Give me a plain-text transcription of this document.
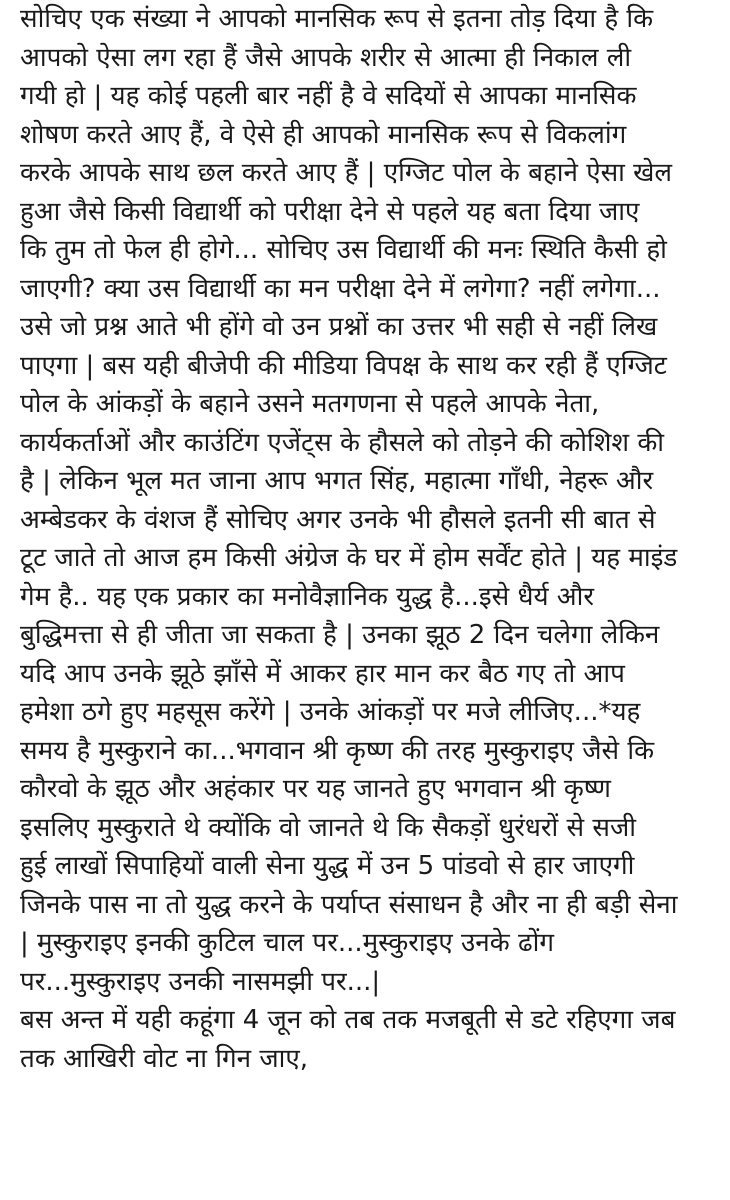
सोचिए एक संख्या ने आपको मानसिक रूप से इतना तोड़ दिया है कि
आपको ऐसा लग रहा हैं जैसे आपके शरीर से आत्मा ही निकाल ली
गयी हो | यह कोई पहली बार नहीं है वे सदियों से आपका मानसिक
शोषण करते आए हैं, वे ऐसे ही आपको मानसिक रूप से विकलांग
करके आपके साथ छल करते आए हैं | एग्जिट पोल के बहाने ऐसा खेल
हुआ जैसे किसी विद्यार्थी को परीक्षा देने से पहले यह बता दिया जाए
कि तुम तो फेल ही होगे... सोचिए उस विद्यार्थी की मनः स्थिति कैसी हो
जाएगी? क्या उस विद्यार्थी का मन परीक्षा देने में लगेगा? नहीं लगेगा...
उसे जो प्रश्न आते भी होंगे वो उन प्रश्नों का उत्तर भी सही से नहीं लिख
पाएगा | बस यही बीजेपी की मीडिया विपक्ष के साथ कर रही हैं एग्जिट
पोल के आंकड़ों के बहाने उसने मतगणना से पहले आपके नेता,
कार्यकर्ताओं और काउंटिंग एजेंट्स के हौसले को तोड़ने की कोशिश की
है | लेकिन भूल मत जाना आप भगत सिंह, महात्मा गाँधी, नेहरू और
अम्बेडकर के वंशज हैं सोचिए अगर उनके भी हौसले इतनी सी बात से
टूट जाते तो आज हम किसी अंग्रेज के घर में होम सर्वेंट होते | यह माइंड
गेम है.. यह एक प्रकार का मनोवैज्ञानिक युद्ध है...इसे धैर्य और
बुद्धिमत्ता से ही जीता जा सकता है | उनका झूठ 2 दिन चलेगा लेकिन
यदि आप उनके झूठे झाँसे में आकर हार मान कर बैठ गए तो आप
हमेशा ठगे हुए महसूस करेंगे | उनके आंकड़ों पर मजे लीजिए...*यह
समय है मुस्कुराने का...भगवान श्री कृष्ण की तरह मुस्कुराइए जैसे कि
कौरवो के झूठ और अहंकार पर यह जानते हुए भगवान श्री कृष्ण
इसलिए मुस्कुराते थे क्योंकि वो जानते थे कि सैकड़ों धुरंधरों से सजी
हुई लाखों सिपाहियों वाली सेना युद्ध में उन 5 पांडवो से हार जाएगी
जिनके पास ना तो युद्ध करने के पर्याप्त संसाधन है और ना ही बड़ी सेना
| मुस्कुराइए इनकी कुटिल चाल पर...मुस्कुराइए उनके ढोंग
पर...मुस्कुराइए उनकी नासमझी पर...|
बस अन्त में यही कहूंगा 4 जून को तब तक मजबूती से डटे रहिएगा जब
तक आखिरी वोट ना गिन जाए,
